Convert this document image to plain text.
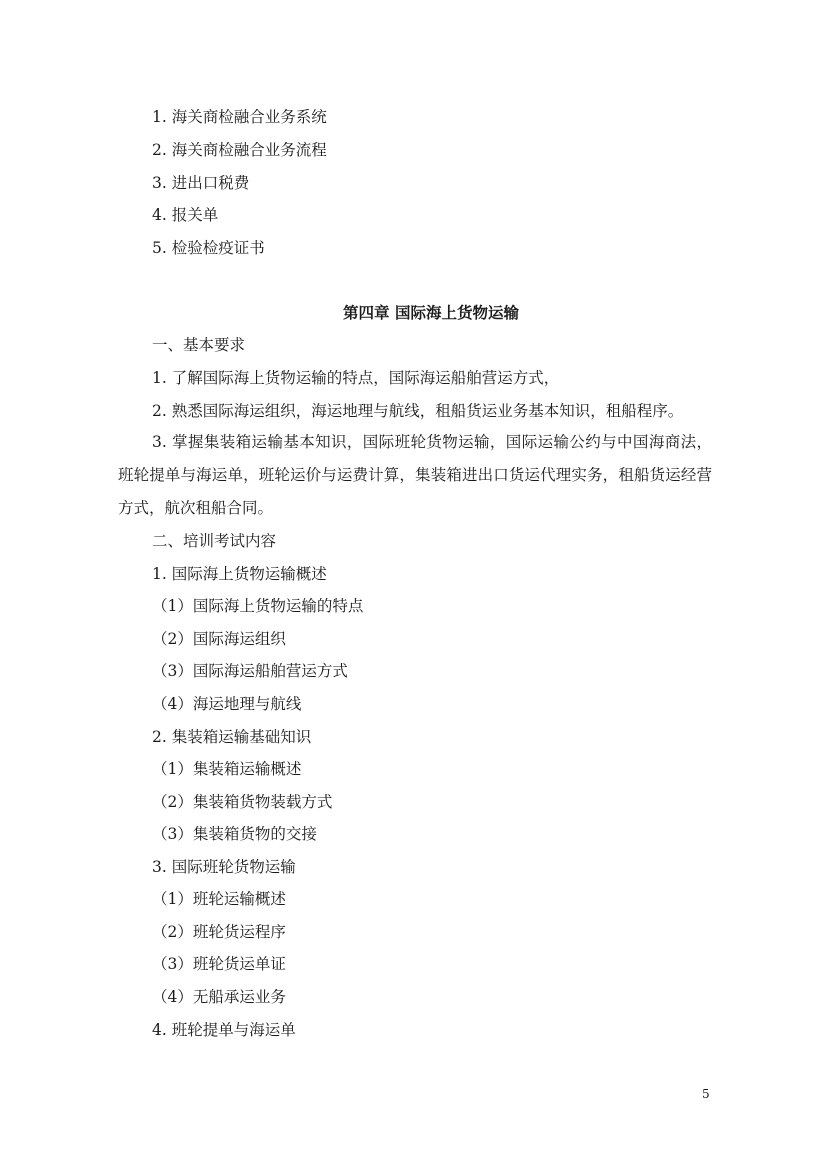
1. 海关商检融合业务系统
2. 海关商检融合业务流程
3. 进出口税费
4. 报关单
5. 检验检疫证书
第四章 国际海上货物运输
一、基本要求
1. 了解国际海上货物运输的特点，国际海运船舶营运方式，
2. 熟悉国际海运组织，海运地理与航线，租船货运业务基本知识，租船程序。
3. 掌握集装箱运输基本知识，国际班轮货物运输，国际运输公约与中国海商法，班轮提单与海运单，班轮运价与运费计算，集装箱进出口货运代理实务，租船货运经营方式，航次租船合同。
二、培训考试内容
1. 国际海上货物运输概述
（1）国际海上货物运输的特点
（2）国际海运组织
（3）国际海运船舶营运方式
（4）海运地理与航线
2. 集装箱运输基础知识
（1）集装箱运输概述
（2）集装箱货物装载方式
（3）集装箱货物的交接
3. 国际班轮货物运输
（1）班轮运输概述
（2）班轮货运程序
（3）班轮货运单证
（4）无船承运业务
4. 班轮提单与海运单
5
